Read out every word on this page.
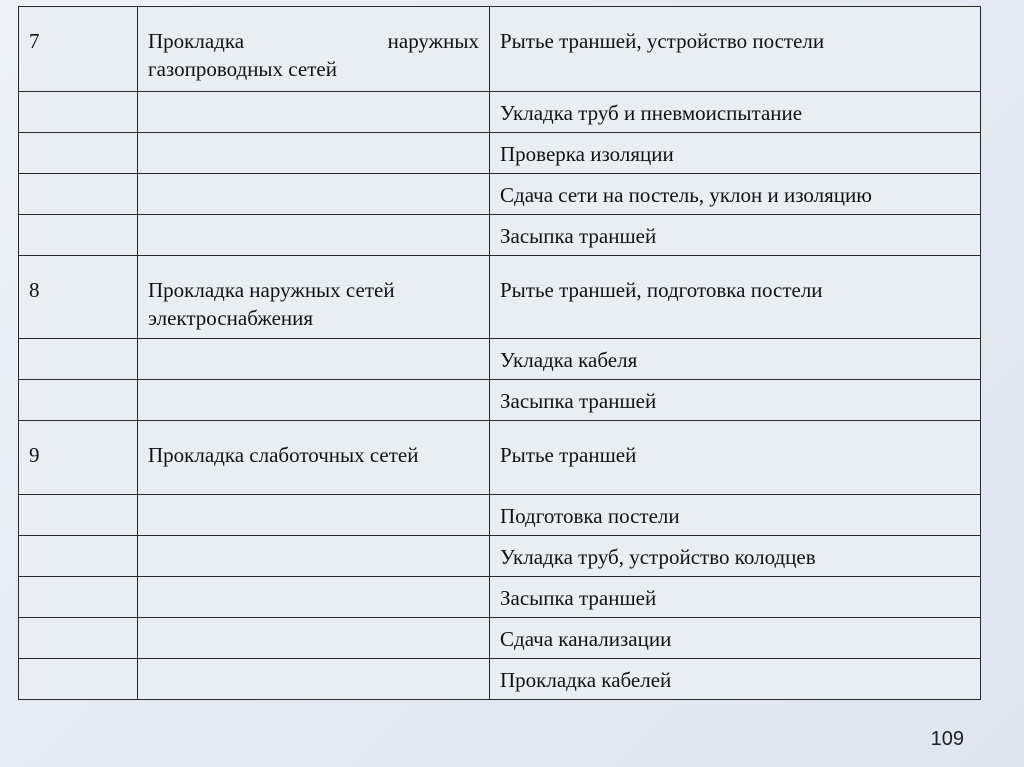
7	Прокладка наружных газопроводных сетей	Рытье траншей, устройство постели
		Укладка труб и пневмоиспытание
		Проверка изоляции
		Сдача сети на постель, уклон и изоляцию
		Засыпка траншей
8	Прокладка наружных сетей электроснабжения	Рытье траншей, подготовка постели
		Укладка кабеля
		Засыпка траншей
9	Прокладка слаботочных сетей	Рытье траншей
		Подготовка постели
		Укладка труб, устройство колодцев
		Засыпка траншей
		Сдача канализации
		Прокладка кабелей
109
